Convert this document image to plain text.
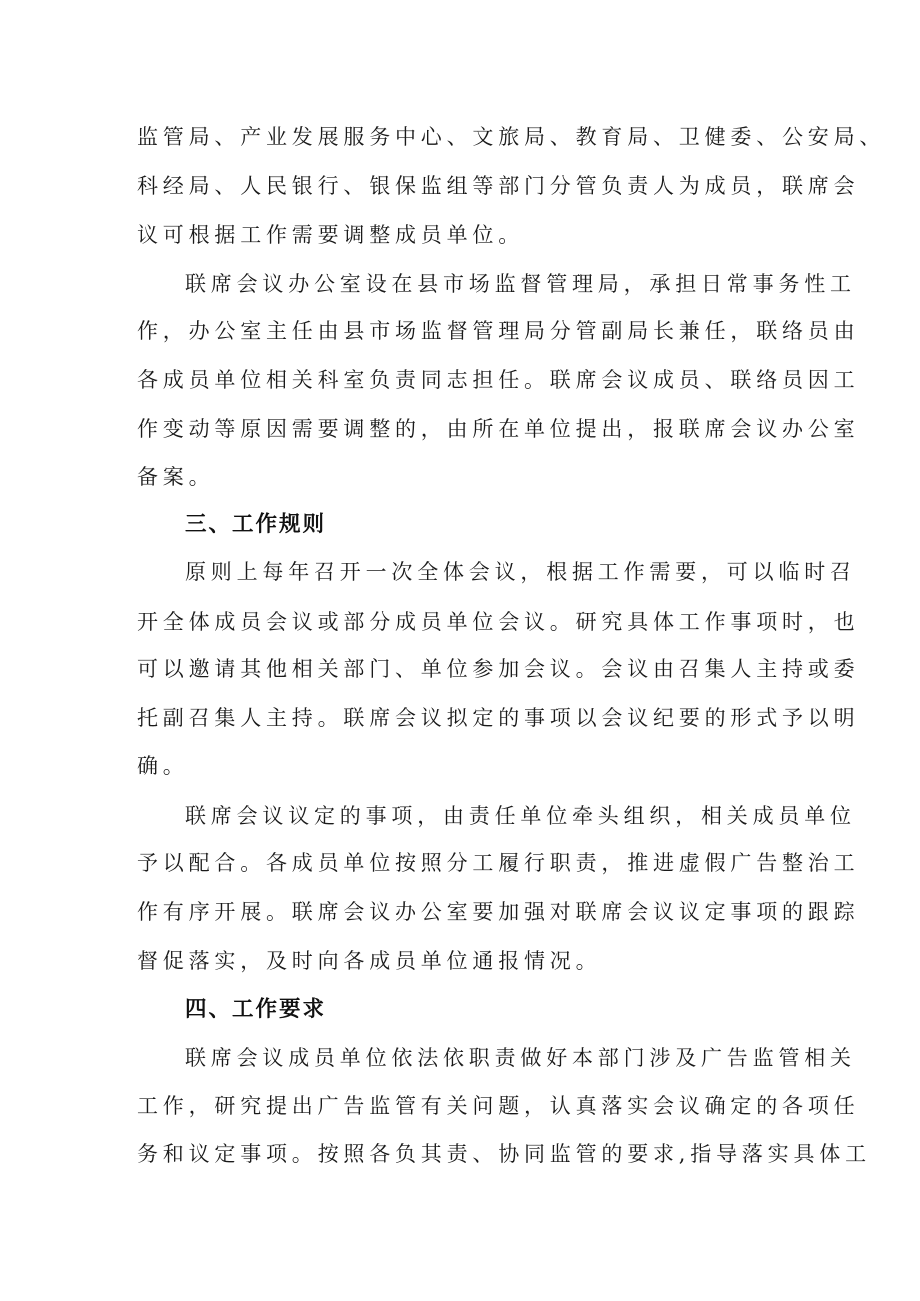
监管局、产业发展服务中心、文旅局、教育局、卫健委、公安局、
科经局、人民银行、银保监组等部门分管负责人为成员，联席会
议可根据工作需要调整成员单位。
联席会议办公室设在县市场监督管理局，承担日常事务性工
作，办公室主任由县市场监督管理局分管副局长兼任，联络员由
各成员单位相关科室负责同志担任。联席会议成员、联络员因工
作变动等原因需要调整的，由所在单位提出，报联席会议办公室
备案。
三、工作规则
原则上每年召开一次全体会议，根据工作需要，可以临时召
开全体成员会议或部分成员单位会议。研究具体工作事项时，也
可以邀请其他相关部门、单位参加会议。会议由召集人主持或委
托副召集人主持。联席会议拟定的事项以会议纪要的形式予以明
确。
联席会议议定的事项，由责任单位牵头组织，相关成员单位
予以配合。各成员单位按照分工履行职责，推进虚假广告整治工
作有序开展。联席会议办公室要加强对联席会议议定事项的跟踪
督促落实，及时向各成员单位通报情况。
四、工作要求
联席会议成员单位依法依职责做好本部门涉及广告监管相关
工作，研究提出广告监管有关问题，认真落实会议确定的各项任
务和议定事项。按照各负其责、协同监管的要求,指导落实具体工
